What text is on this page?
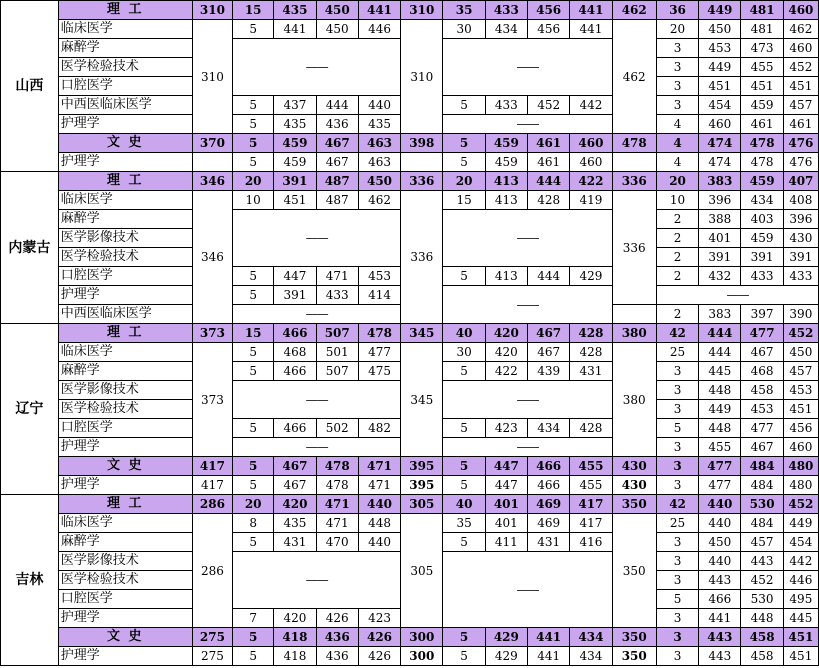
山西	理 工	310	15	435	450	441	310	35	433	456	441	462	36	449	481	460
	临床医学	310	5	441	450	446	310	30	434	456	441	462	20	450	481	462
	麻醉学		——					——					3	453	473	460
	医学检验技术												3	449	455	452
	口腔医学												3	451	451	451
	中西医临床医学		5	437	444	440		5	433	452	442		3	454	459	457
	护理学		5	435	436	435		——					4	460	461	461
	文 史	370	5	459	467	463	398	5	459	461	460	478	4	474	478	476
	护理学		5	459	467	463		5	459	461	460		4	474	478	476
内蒙古	理 工	346	20	391	487	450	336	20	413	444	422	336	20	383	459	407
	临床医学	346	10	451	487	462	336	15	413	428	419	336	10	396	434	408
	麻醉学		——					——					2	388	403	396
	医学影像技术												2	401	459	430
	医学检验技术												2	391	391	391
	口腔医学		5	447	471	453		5	413	444	429		2	432	433	433
	护理学		5	391	433	414		——					——			
	中西医临床医学		——										2	383	397	390
辽宁	理 工	373	15	466	507	478	345	40	420	467	428	380	42	444	477	452
	临床医学	373	5	468	501	477	345	30	420	467	428	380	25	444	467	450
	麻醉学		5	466	507	475		5	422	439	431		3	445	468	457
	医学影像技术		——					——					3	448	458	453
	医学检验技术												3	449	453	451
	口腔医学		5	466	502	482		5	423	434	428		5	448	477	456
	护理学		——					——					3	455	467	460
	文 史	417	5	467	478	471	395	5	447	466	455	430	3	477	484	480
	护理学	417	5	467	478	471	395	5	447	466	455	430	3	477	484	480
吉林	理 工	286	20	420	471	440	305	40	401	469	417	350	42	440	530	452
	临床医学	286	8	435	471	448	305	35	401	469	417	350	25	440	484	449
	麻醉学		5	431	470	440		5	411	431	416		3	450	457	454
	医学影像技术		——					——					3	440	443	442
	医学检验技术												3	443	452	446
	口腔医学												5	466	530	495
	护理学		7	420	426	423							3	441	448	445
	文 史	275	5	418	436	426	300	5	429	441	434	350	3	443	458	451
	护理学	275	5	418	436	426	300	5	429	441	434	350	3	443	458	451
